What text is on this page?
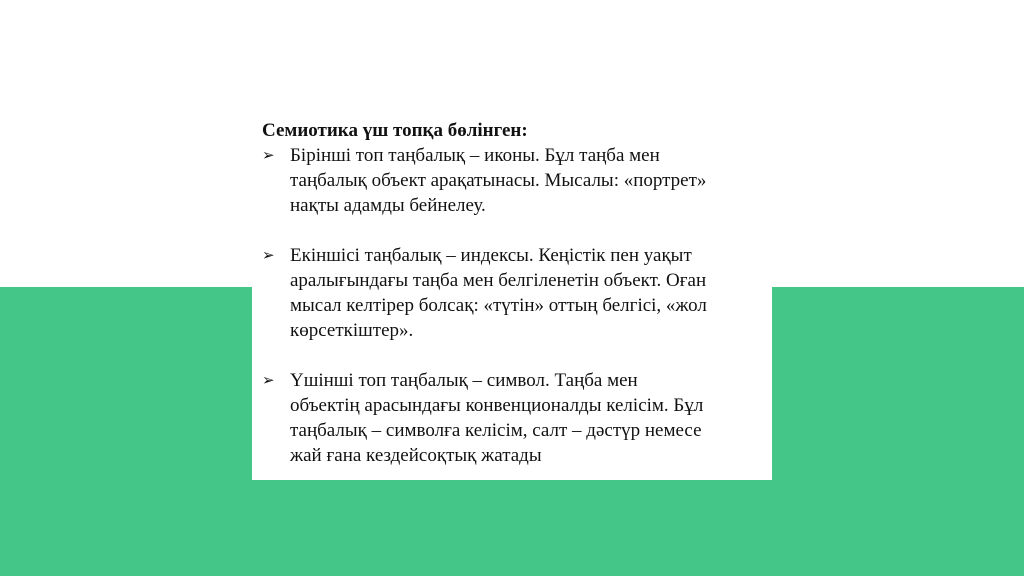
Семиотика үш топқа бөлінген:
➢ Бірінші топ таңбалық – иконы. Бұл таңба мен
таңбалық объект арақатынасы. Мысалы: «портрет»
нақты адамды бейнелеу.
➢ Екіншісі таңбалық – индексы. Кеңістік пен уақыт
аралығындағы таңба мен белгіленетін объект. Оған
мысал келтірер болсақ: «түтін» оттың белгісі, «жол
көрсеткіштер».
➢ Үшінші топ таңбалық – символ. Таңба мен
объектің арасындағы конвенционалды келісім. Бұл
таңбалық – символға келісім, салт – дәстүр немесе
жай ғана кездейсоқтық жатады
